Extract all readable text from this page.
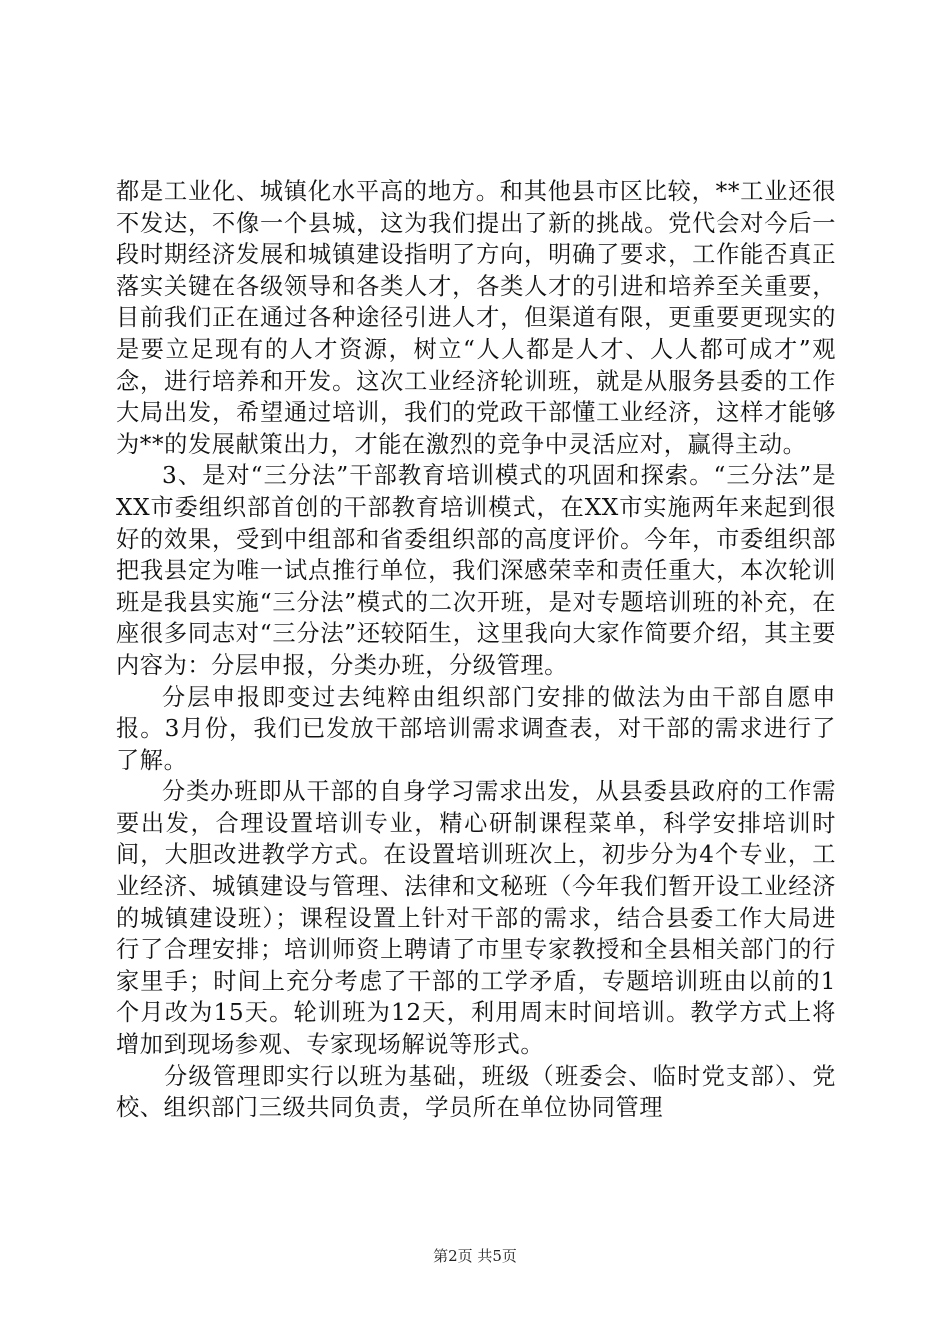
都是工业化、城镇化水平高的地方。和其他县市区比较，**工业还很不发达，不像一个县城，这为我们提出了新的挑战。党代会对今后一段时期经济发展和城镇建设指明了方向，明确了要求，工作能否真正落实关键在各级领导和各类人才，各类人才的引进和培养至关重要，目前我们正在通过各种途径引进人才，但渠道有限，更重要更现实的是要立足现有的人才资源，树立“人人都是人才、人人都可成才”观念，进行培养和开发。这次工业经济轮训班，就是从服务县委的工作大局出发，希望通过培训，我们的党政干部懂工业经济，这样才能够为**的发展献策出力，才能在激烈的竞争中灵活应对，赢得主动。

3、是对“三分法”干部教育培训模式的巩固和探索。“三分法”是XX市委组织部首创的干部教育培训模式，在XX市实施两年来起到很好的效果，受到中组部和省委组织部的高度评价。今年，市委组织部把我县定为唯一试点推行单位，我们深感荣幸和责任重大，本次轮训班是我县实施“三分法”模式的二次开班，是对专题培训班的补充，在座很多同志对“三分法”还较陌生，这里我向大家作简要介绍，其主要内容为：分层申报，分类办班，分级管理。

分层申报即变过去纯粹由组织部门安排的做法为由干部自愿申报。3月份，我们已发放干部培训需求调查表，对干部的需求进行了了解。

分类办班即从干部的自身学习需求出发，从县委县政府的工作需要出发，合理设置培训专业，精心研制课程菜单，科学安排培训时间，大胆改进教学方式。在设置培训班次上，初步分为4个专业，工业经济、城镇建设与管理、法律和文秘班（今年我们暂开设工业经济的城镇建设班）；课程设置上针对干部的需求，结合县委工作大局进行了合理安排；培训师资上聘请了市里专家教授和全县相关部门的行家里手；时间上充分考虑了干部的工学矛盾，专题培训班由以前的1个月改为15天。轮训班为12天，利用周末时间培训。教学方式上将增加到现场参观、专家现场解说等形式。

分级管理即实行以班为基础，班级（班委会、临时党支部）、党校、组织部门三级共同负责，学员所在单位协同管理

第2页 共5页
